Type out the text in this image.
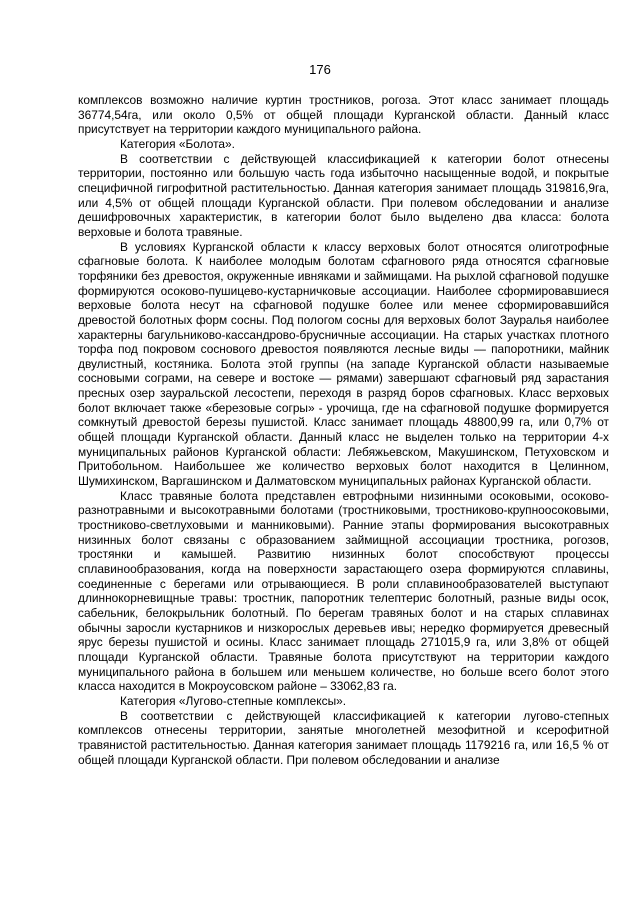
176

комплексов возможно наличие куртин тростников, рогоза. Этот класс занимает площадь 36774,54га, или около 0,5% от общей площади Курганской области. Данный класс присутствует на территории каждого муниципального района.

Категория «Болота».

В соответствии с действующей классификацией к категории болот отнесены территории, постоянно или большую часть года избыточно насыщенные водой, и покрытые специфичной гигрофитной растительностью. Данная категория занимает площадь 319816,9га, или 4,5% от общей площади Курганской области. При полевом обследовании и анализе дешифровочных характеристик, в категории болот было выделено два класса: болота верховые и болота травяные.

В условиях Курганской области к классу верховых болот относятся олиготрофные сфагновые болота. К наиболее молодым болотам сфагнового ряда относятся сфагновые торфяники без древостоя, окруженные ивняками и займищами. На рыхлой сфагновой подушке формируются осоково-пушицево-кустарничковые ассоциации. Наиболее сформировавшиеся верховые болота несут на сфагновой подушке более или менее сформировавшийся древостой болотных форм сосны. Под пологом сосны для верховых болот Зауралья наиболее характерны багульниково-кассандрово-брусничные ассоциации. На старых участках плотного торфа под покровом соснового древостоя появляются лесные виды — папоротники, майник двулистный, костяника. Болота этой группы (на западе Курганской области называемые сосновыми сограми, на севере и востоке — рямами) завершают сфагновый ряд зарастания пресных озер зауральской лесостепи, переходя в разряд боров сфагновых. Класс верховых болот включает также «березовые согры» - урочища, где на сфагновой подушке формируется сомкнутый древостой березы пушистой. Класс занимает площадь 48800,99 га, или 0,7% от общей площади Курганской области. Данный класс не выделен только на территории 4-х муниципальных районов Курганской области: Лебяжьевском, Макушинском, Петуховском и Притобольном. Наибольшее же количество верховых болот находится в Целинном, Шумихинском, Варгашинском и Далматовском муниципальных районах Курганской области.

Класс травяные болота представлен евтрофными низинными осоковыми, осоково-разнотравными и высокотравными болотами (тростниковыми, тростниково-крупноосоковыми, тростниково-светлуховыми и манниковыми). Ранние этапы формирования высокотравных низинных болот связаны с образованием займищной ассоциации тростника, рогозов, тростянки и камышей. Развитию низинных болот способствуют процессы сплавинообразования, когда на поверхности зарастающего озера формируются сплавины, соединенные с берегами или отрывающиеся. В роли сплавинообразователей выступают длиннокорневищные травы: тростник, папоротник телептерис болотный, разные виды осок, сабельник, белокрыльник болотный. По берегам травяных болот и на старых сплавинах обычны заросли кустарников и низкорослых деревьев ивы; нередко формируется древесный ярус березы пушистой и осины. Класс занимает площадь 271015,9 га, или 3,8% от общей площади Курганской области. Травяные болота присутствуют на территории каждого муниципального района в большем или меньшем количестве, но больше всего болот этого класса находится в Мокроусовском районе – 33062,83 га.

Категория «Лугово-степные комплексы».

В соответствии с действующей классификацией к категории лугово-степных комплексов отнесены территории, занятые многолетней мезофитной и ксерофитной травянистой растительностью. Данная категория занимает площадь 1179216 га, или 16,5 % от общей площади Курганской области. При полевом обследовании и анализе
